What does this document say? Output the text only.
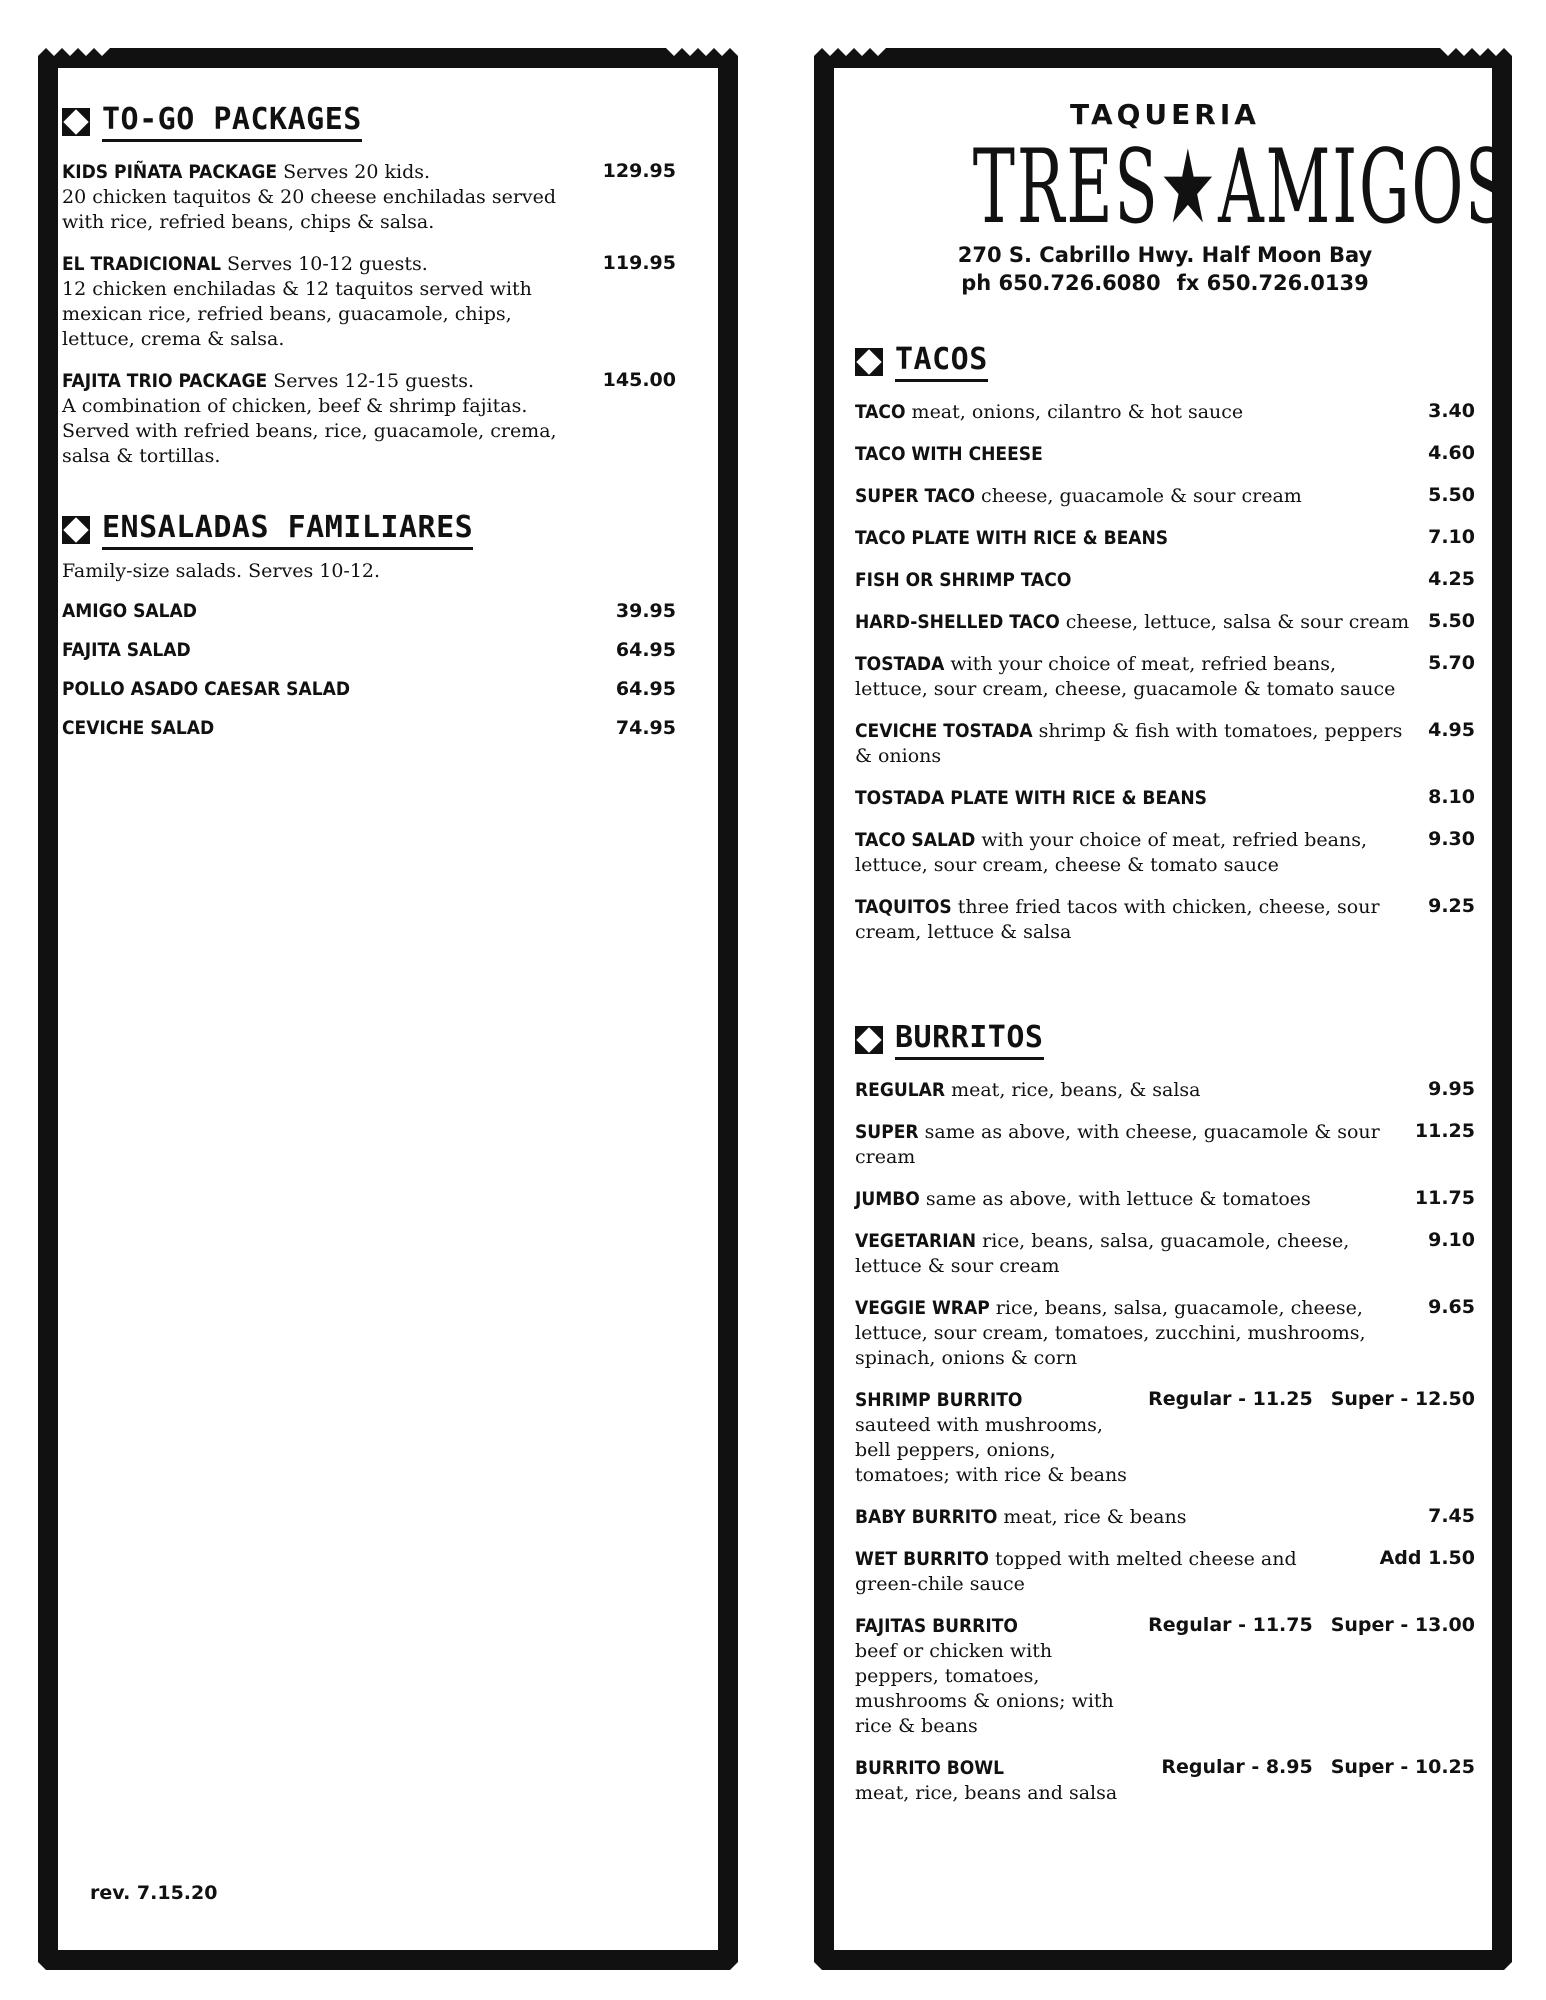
TO-GO PACKAGES
KIDS PIÑATA PACKAGE Serves 20 kids.
20 chicken taquitos & 20 cheese enchiladas served with rice, refried beans, chips & salsa.
129.95
EL TRADICIONAL Serves 10-12 guests.
12 chicken enchiladas & 12 taquitos served with mexican rice, refried beans, guacamole, chips, lettuce, crema & salsa.
119.95
FAJITA TRIO PACKAGE Serves 12-15 guests.
A combination of chicken, beef & shrimp fajitas. Served with refried beans, rice, guacamole, crema, salsa & tortillas.
145.00
ENSALADAS FAMILIARES
Family-size salads. Serves 10-12.
AMIGO SALAD	39.95
FAJITA SALAD	64.95
POLLO ASADO CAESAR SALAD	64.95
CEVICHE SALAD	74.95
rev. 7.15.20
TAQUERIA
TRES★AMIGOS
270 S. Cabrillo Hwy. Half Moon Bay
ph 650.726.6080 fx 650.726.0139
TACOS
TACO meat, onions, cilantro & hot sauce	3.40
TACO WITH CHEESE	4.60
SUPER TACO cheese, guacamole & sour cream	5.50
TACO PLATE WITH RICE & BEANS	7.10
FISH OR SHRIMP TACO	4.25
HARD-SHELLED TACO cheese, lettuce, salsa & sour cream 5.50
TOSTADA with your choice of meat, refried beans, lettuce, sour cream, cheese, guacamole & tomato sauce
5.70
CEVICHE TOSTADA shrimp & fish with tomatoes, peppers & onions
4.95
TOSTADA PLATE WITH RICE & BEANS	8.10
TACO SALAD with your choice of meat, refried beans, lettuce, sour cream, cheese & tomato sauce
9.30
TAQUITOS three fried tacos with chicken, cheese, sour cream, lettuce & salsa
9.25
BURRITOS
REGULAR meat, rice, beans, & salsa	9.95
SUPER same as above, with cheese, guacamole & sour cream
11.25
JUMBO same as above, with lettuce & tomatoes	11.75
VEGETARIAN rice, beans, salsa, guacamole, cheese, lettuce & sour cream
9.10
VEGGIE WRAP rice, beans, salsa, guacamole, cheese, lettuce, sour cream, tomatoes, zucchini, mushrooms, spinach, onions & corn
9.65
SHRIMP BURRITO
sauteed with mushrooms, bell peppers, onions, tomatoes; with rice & beans
Regular - 11.25 Super - 12.50
BABY BURRITO meat, rice & beans	7.45
WET BURRITO topped with melted cheese and green-chile sauce
Add 1.50
FAJITAS BURRITO
beef or chicken with peppers, tomatoes, mushrooms & onions; with rice & beans
Regular - 11.75 Super - 13.00
BURRITO BOWL
meat, rice, beans and salsa
Regular - 8.95 Super - 10.25
